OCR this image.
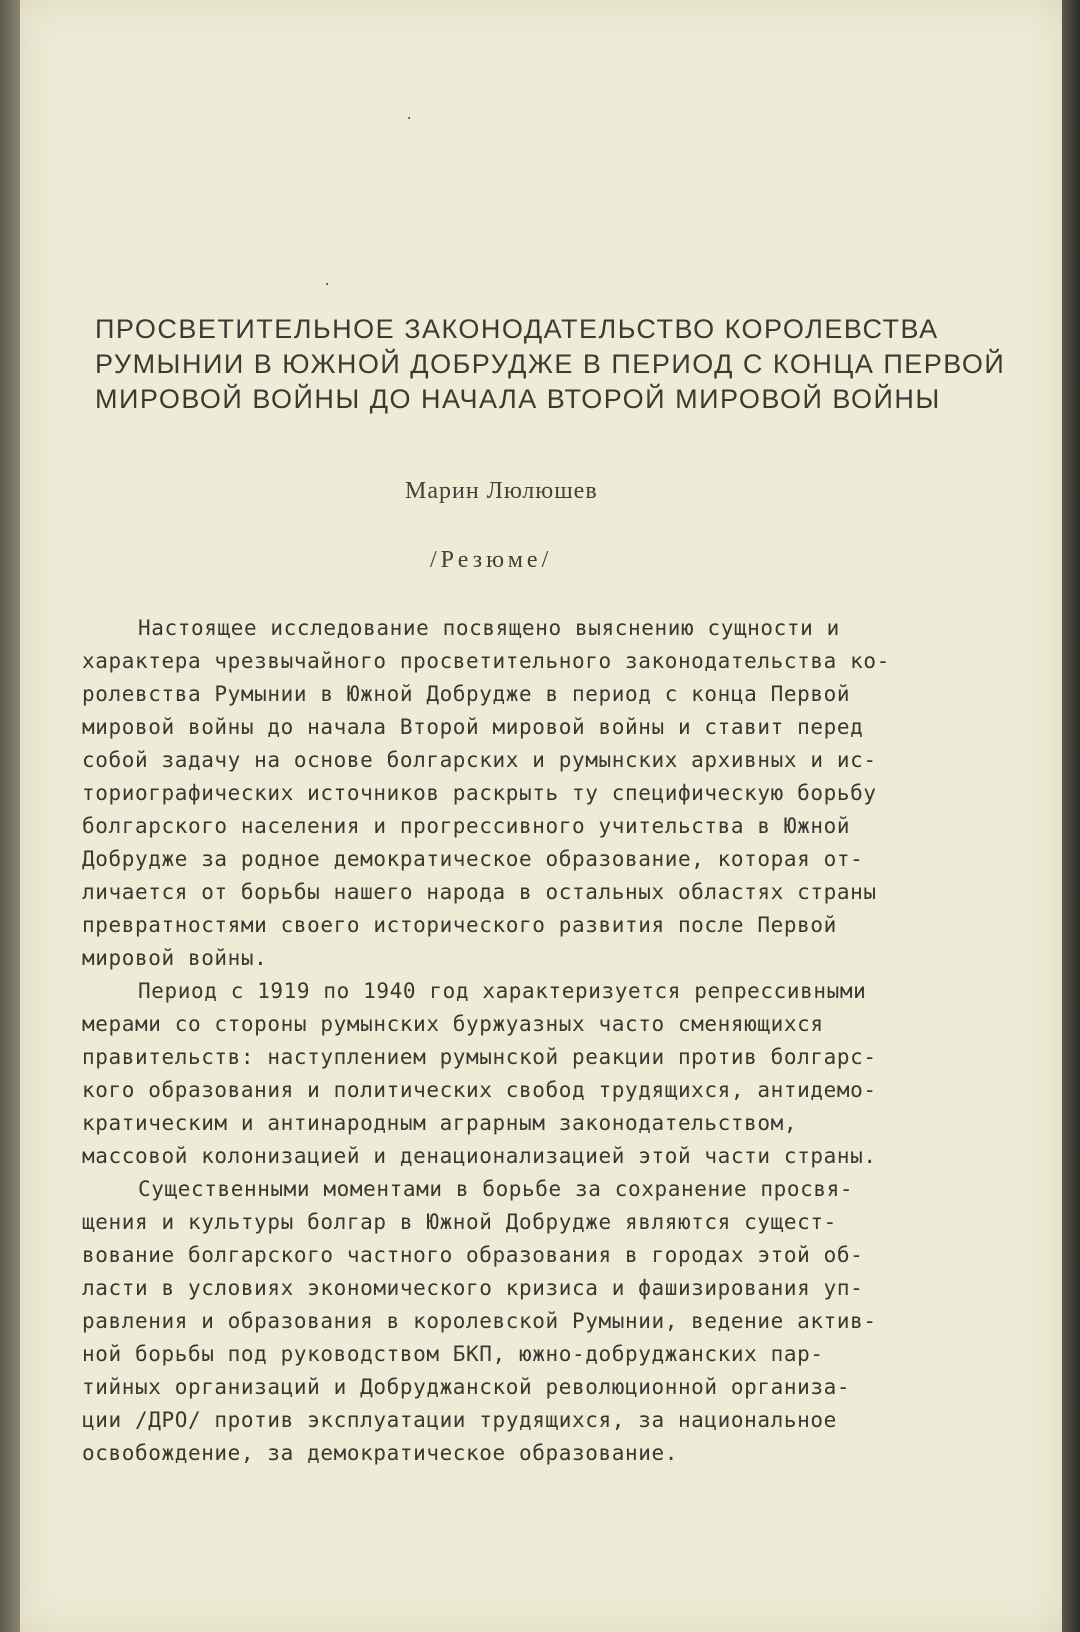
·
·
ПРОСВЕТИТЕЛЬНОЕ ЗАКОНОДАТЕЛЬСТВО КОРОЛЕВСТВА
РУМЫНИИ В ЮЖНОЙ ДОБРУДЖЕ В ПЕРИОД С КОНЦА ПЕРВОЙ
МИРОВОЙ ВОЙНЫ ДО НАЧАЛА ВТОРОЙ МИРОВОЙ ВОЙНЫ
Марин Люлюшев
/Резюме/
Настоящее исследование посвящено выяснению сущности и
характера чрезвычайного просветительного законодательства ко-
ролевства Румынии в Южной Добрудже в период с конца Первой
мировой войны до начала Второй мировой войны и ставит перед
собой задачу на основе болгарских и румынских архивных и ис-
ториографических источников раскрыть ту специфическую борьбу
болгарского населения и прогрессивного учительства в Южной
Добрудже за родное демократическое образование, которая от-
личается от борьбы нашего народа в остальных областях страны
превратностями своего исторического развития после Первой
мировой войны.
Период с 1919 по 1940 год характеризуется репрессивными
мерами со стороны румынских буржуазных часто сменяющихся
правительств: наступлением румынской реакции против болгарс-
кого образования и политических свобод трудящихся, антидемо-
кратическим и антинародным аграрным законодательством,
массовой колонизацией и денационализацией этой части страны.
Существенными моментами в борьбе за сохранение просвя-
щения и культуры болгар в Южной Добрудже являются сущест-
вование болгарского частного образования в городах этой об-
ласти в условиях экономического кризиса и фашизирования уп-
равления и образования в королевской Румынии, ведение актив-
ной борьбы под руководством БКП, южно-добруджанских пар-
тийных организаций и Добруджанской революционной организа-
ции /ДРО/ против эксплуатации трудящихся, за национальное
освобождение, за демократическое образование.
